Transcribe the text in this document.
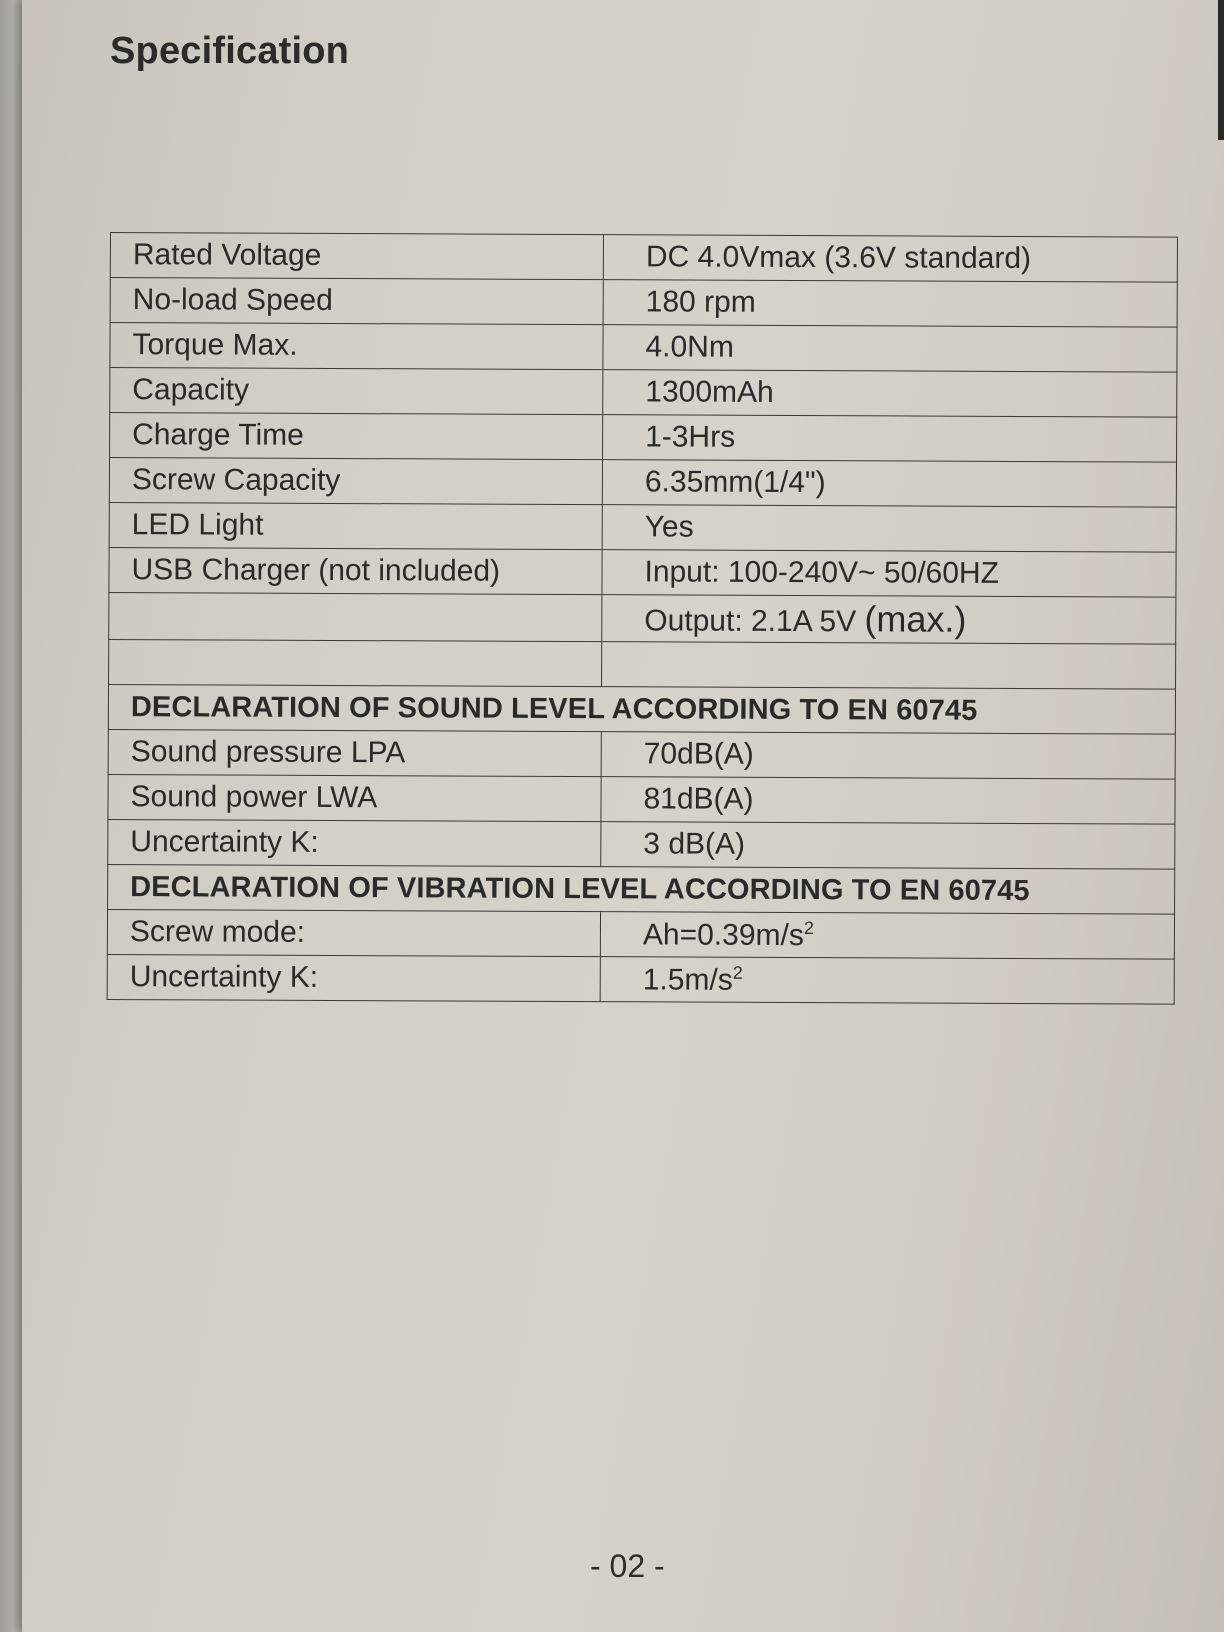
Specification
Rated Voltage	DC 4.0Vmax (3.6V standard)
No-load Speed	180 rpm
Torque Max.	4.0Nm
Capacity	1300mAh
Charge Time	1-3Hrs
Screw Capacity	6.35mm(1/4")
LED Light	Yes
USB Charger (not included)	Input: 100-240V~ 50/60HZ
	Output: 2.1A 5V (max.)

DECLARATION OF SOUND LEVEL ACCORDING TO EN 60745	
Sound pressure LPA	70dB(A)
Sound power LWA	81dB(A)
Uncertainty K:	3 dB(A)
DECLARATION OF VIBRATION LEVEL ACCORDING TO EN 60745	
Screw mode:	$Ah=0.39m/s^2$
Uncertainty K:	$1.5m/s^2$
- 02 -
